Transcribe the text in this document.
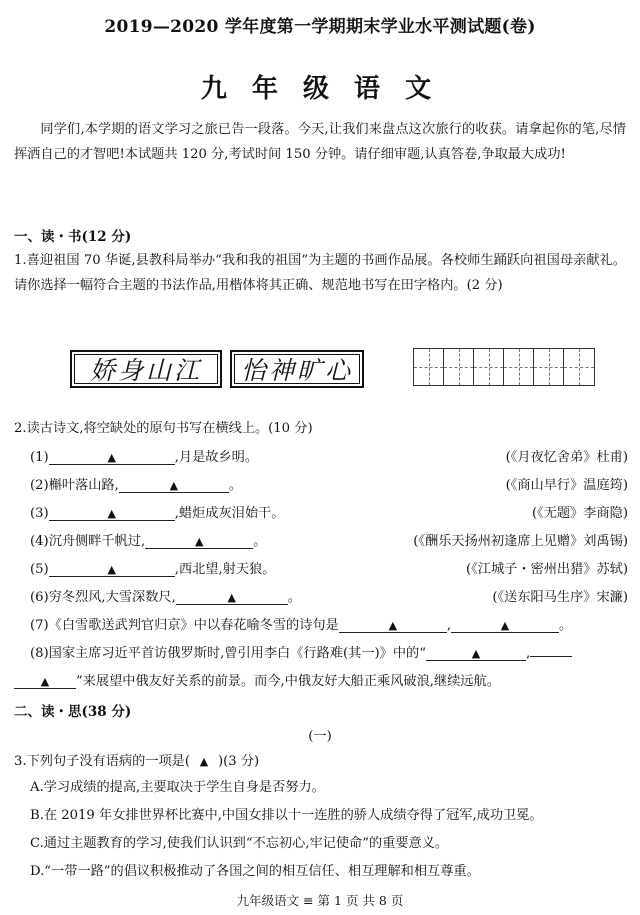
2019—2020 学年度第一学期期末学业水平测试题(卷)
九 年 级 语 文
同学们,本学期的语文学习之旅已告一段落。今天,让我们来盘点这次旅行的收获。请拿起你的笔,尽情挥洒自己的才智吧!本试题共 120 分,考试时间 150 分钟。请仔细审题,认真答卷,争取最大成功!
一、读・书(12 分)
1.喜迎祖国 70 华诞,县教科局举办“我和我的祖国”为主题的书画作品展。各校师生踊跃向祖国母亲献礼。请你选择一幅符合主题的书法作品,用楷体将其正确、规范地书写在田字格内。(2 分)
娇身山江 怡神旷心
2.读古诗文,将空缺处的原句书写在横线上。(10 分)
(1)	▲	,月是故乡明。	(《月夜忆舍弟》杜甫)
(2)槲叶落山路,	▲	。	(《商山早行》温庭筠)
(3)	▲	,蜡炬成灰泪始干。	(《无题》李商隐)
(4)沉舟侧畔千帆过,	▲	。	(《酬乐天扬州初逢席上见赠》刘禹锡)
(5)	▲	,西北望,射天狼。	(《江城子・密州出猎》苏轼)
(6)穷冬烈风,大雪深数尺,	▲	。	(《送东阳马生序》宋濂)
(7)《白雪歌送武判官归京》中以春花喻冬雪的诗句是	▲	,	▲	。
(8)国家主席习近平首访俄罗斯时,曾引用李白《行路难(其一)》中的“	▲	,
▲ ”来展望中俄友好关系的前景。而今,中俄友好大船正乘风破浪,继续远航。
二、读・思(38 分)
(一)
3.下列句子没有语病的一项是( ▲ )(3 分)
A.学习成绩的提高,主要取决于学生自身是否努力。
B.在 2019 年女排世界杯比赛中,中国女排以十一连胜的骄人成绩夺得了冠军,成功卫冕。
C.通过主题教育的学习,使我们认识到“不忘初心,牢记使命”的重要意义。
D.“一带一路”的倡议积极推动了各国之间的相互信任、相互理解和相互尊重。
九年级语文 ≡ 第 1 页 共 8 页
